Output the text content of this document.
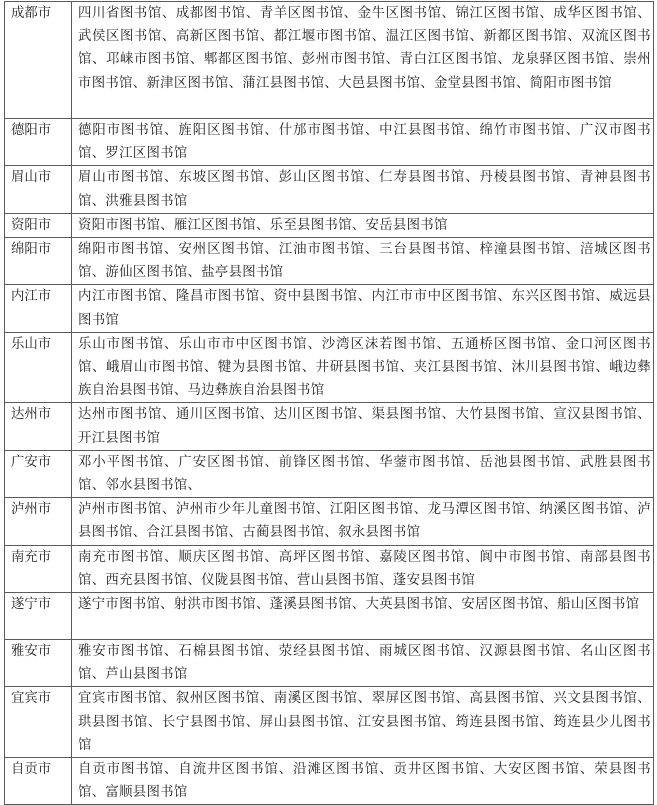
成都市	四川省图书馆、成都图书馆、青羊区图书馆、金牛区图书馆、锦江区图书馆、成华区图书馆、武侯区图书馆、高新区图书馆、都江堰市图书馆、温江区图书馆、新都区图书馆、双流区图书馆、邛崃市图书馆、郫都区图书馆、彭州市图书馆、青白江区图书馆、龙泉驿区图书馆、崇州市图书馆、新津区图书馆、蒲江县图书馆、大邑县图书馆、金堂县图书馆、简阳市图书馆
德阳市	德阳市图书馆、旌阳区图书馆、什邡市图书馆、中江县图书馆、绵竹市图书馆、广汉市图书馆、罗江区图书馆
眉山市	眉山市图书馆、东坡区图书馆、彭山区图书馆、仁寿县图书馆、丹棱县图书馆、青神县图书馆、洪雅县图书馆
资阳市	资阳市图书馆、雁江区图书馆、乐至县图书馆、安岳县图书馆
绵阳市	绵阳市图书馆、安州区图书馆、江油市图书馆、三台县图书馆、梓潼县图书馆、涪城区图书馆、游仙区图书馆、盐亭县图书馆
内江市	内江市图书馆、隆昌市图书馆、资中县图书馆、内江市市中区图书馆、东兴区图书馆、威远县图书馆
乐山市	乐山市图书馆、乐山市市中区图书馆、沙湾区沫若图书馆、五通桥区图书馆、金口河区图书馆、峨眉山市图书馆、犍为县图书馆、井研县图书馆、夹江县图书馆、沐川县图书馆、峨边彝族自治县图书馆、马边彝族自治县图书馆
达州市	达州市图书馆、通川区图书馆、达川区图书馆、渠县图书馆、大竹县图书馆、宣汉县图书馆、开江县图书馆
广安市	邓小平图书馆、广安区图书馆、前锋区图书馆、华蓥市图书馆、岳池县图书馆、武胜县图书馆、邻水县图书馆、
泸州市	泸州市图书馆、泸州市少年儿童图书馆、江阳区图书馆、龙马潭区图书馆、纳溪区图书馆、泸县图书馆、合江县图书馆、古蔺县图书馆、叙永县图书馆
南充市	南充市图书馆、顺庆区图书馆、高坪区图书馆、嘉陵区图书馆、阆中市图书馆、南部县图书馆、西充县图书馆、仪陇县图书馆、营山县图书馆、蓬安县图书馆
遂宁市	遂宁市图书馆、射洪市图书馆、蓬溪县图书馆、大英县图书馆、安居区图书馆、船山区图书馆
雅安市	雅安市图书馆、石棉县图书馆、荥经县图书馆、雨城区图书馆、汉源县图书馆、名山区图书馆、芦山县图书馆
宜宾市	宜宾市图书馆、叙州区图书馆、南溪区图书馆、翠屏区图书馆、高县图书馆、兴文县图书馆、珙县图书馆、长宁县图书馆、屏山县图书馆、江安县图书馆、筠连县图书馆、筠连县少儿图书馆
自贡市	自贡市图书馆、自流井区图书馆、沿滩区图书馆、贡井区图书馆、大安区图书馆、荣县图书馆、富顺县图书馆
